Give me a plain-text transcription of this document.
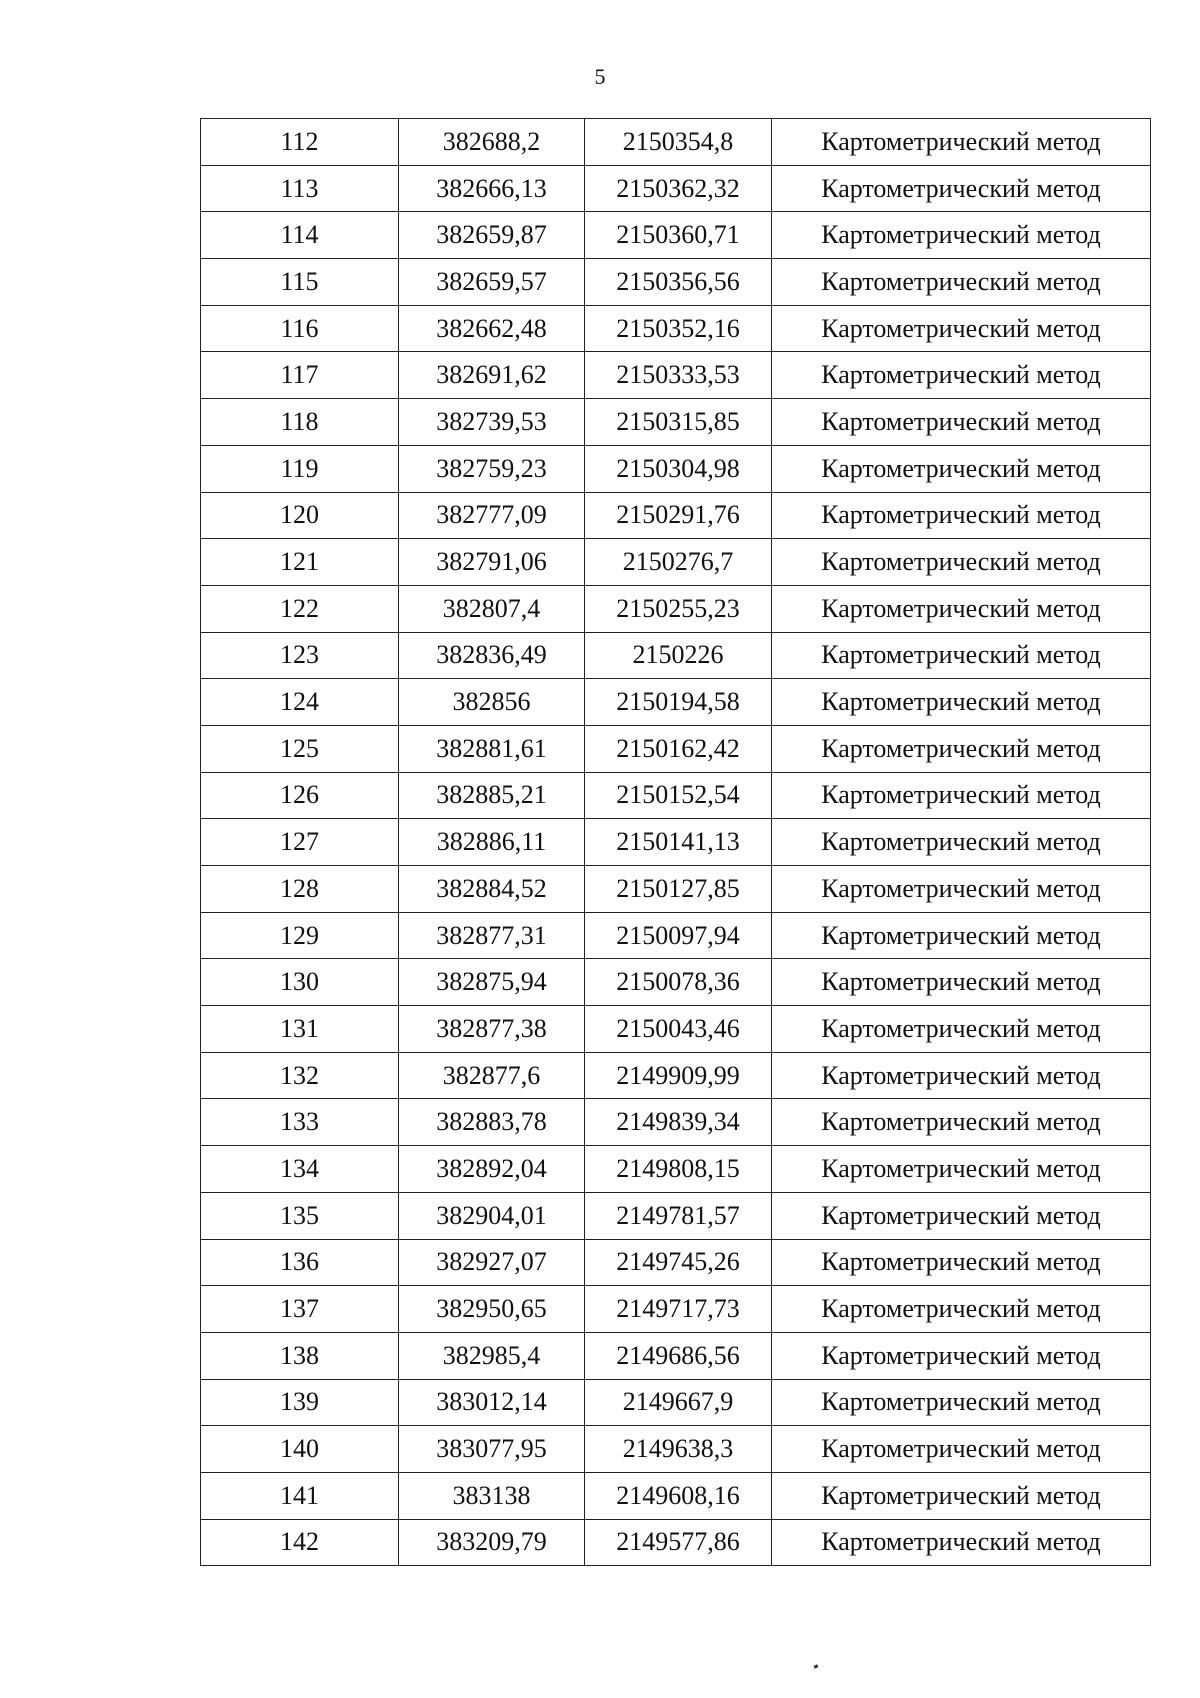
5
112	382688,2	2150354,8	Картометрический метод
113	382666,13	2150362,32	Картометрический метод
114	382659,87	2150360,71	Картометрический метод
115	382659,57	2150356,56	Картометрический метод
116	382662,48	2150352,16	Картометрический метод
117	382691,62	2150333,53	Картометрический метод
118	382739,53	2150315,85	Картометрический метод
119	382759,23	2150304,98	Картометрический метод
120	382777,09	2150291,76	Картометрический метод
121	382791,06	2150276,7	Картометрический метод
122	382807,4	2150255,23	Картометрический метод
123	382836,49	2150226	Картометрический метод
124	382856	2150194,58	Картометрический метод
125	382881,61	2150162,42	Картометрический метод
126	382885,21	2150152,54	Картометрический метод
127	382886,11	2150141,13	Картометрический метод
128	382884,52	2150127,85	Картометрический метод
129	382877,31	2150097,94	Картометрический метод
130	382875,94	2150078,36	Картометрический метод
131	382877,38	2150043,46	Картометрический метод
132	382877,6	2149909,99	Картометрический метод
133	382883,78	2149839,34	Картометрический метод
134	382892,04	2149808,15	Картометрический метод
135	382904,01	2149781,57	Картометрический метод
136	382927,07	2149745,26	Картометрический метод
137	382950,65	2149717,73	Картометрический метод
138	382985,4	2149686,56	Картометрический метод
139	383012,14	2149667,9	Картометрический метод
140	383077,95	2149638,3	Картометрический метод
141	383138	2149608,16	Картометрический метод
142	383209,79	2149577,86	Картометрический метод
